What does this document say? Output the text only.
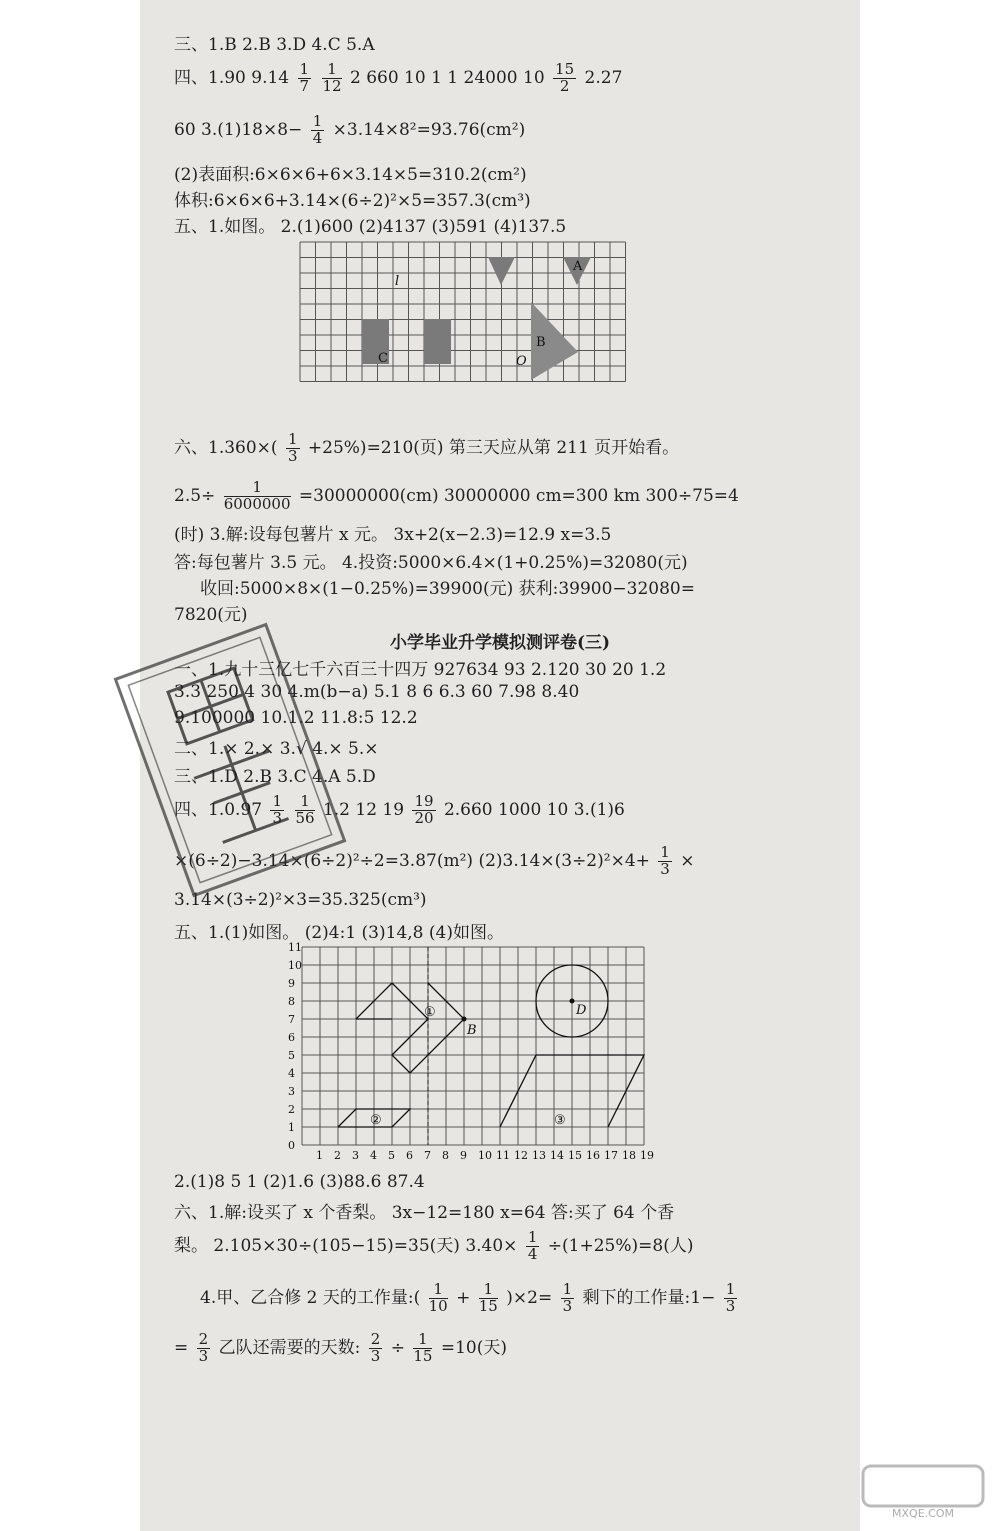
三、1.B 2.B 3.D 4.C 5.A
四、1.90 $9.14 \frac{1}{7}$
$\frac{1}{12} 2$ 660 10 1 1 24000 $10 \frac{15}{2} 2.27$
60 $3.(1)18\times 8- \frac{1}{4} \times 3.14\times 8^2=93.76(cm^2)$
(2)表面积:6×6×6+6×3.14×5=310.2(cm²)
体积:6×6×6+3.14×(6÷2)²×5=357.3(cm³)
五、1.如图。 2.(1)600 (2)4137 (3)591 (4)137.5
C
B
A
O
l
六、$1.360\times( \frac{1}{3} +25\%)=210$(页) 第三天应从第 211 页开始看。
$2.5\div \frac{1}{6000000} =30000000(cm)$ 30000000 cm=300 km 300÷75=4
(时) 3.解:设每包薯片 x 元。 3x+2(x−2.3)=12.9 x=3.5
答:每包薯片 3.5 元。 4.投资:5000×6.4×(1+0.25%)=32080(元)
收回:5000×8×(1−0.25%)=39900(元) 获利:39900−32080=
7820(元)
小学毕业升学模拟测评卷(三)
一、1.九十三亿七千六百三十四万 927634 93 2.120 30 20 1.2
3.3 250 4 30 4.m(b−a) 5.1 8 6 6.3 60 7.98 8.40
9.100000 10.1.2 11.8:5 12.2
二、1.× 2.× 3.√ 4.× 5.×
三、1.D 2.B 3.C 4.A 5.D
四、$1.0.97 \frac{1}{3}$
$\frac{1}{56} 1.2$ 12 $19 \frac{19}{20} 2.660$ 1000 10 3.(1)6
×(6÷2)−3.14×(6÷2)²÷2=3.87(m²) $(2)3.14\times(3\div 2)^2\times 4+ \frac{1}{3}$ ×
3.14×(3÷2)²×3=35.325(cm³)
五、1.(1)如图。 (2)4:1 (3)14,8 (4)如图。
1 2 3 4 5 6 7 8 9 10 11 12 13 14 15 16 17 18 19
0
1
2
3
4
5
6
7
8
9
10
11
①
②	③
B
D
2.(1)8 5 1 (2)1.6 (3)88.6 87.4
六、1.解:设买了 x 个香梨。 3x−12=180 x=64 答:买了 64 个香
梨。 2.105×30÷(105−15)=35(天) $3.40\times \frac{1}{4} \div(1+25\%)=8$(人)
4.甲、乙合修 2 天的工作量:( $\frac{1}{10} + \frac{1}{15} )\times 2= \frac{1}{3}$ 剩下的工作量:1− $\frac{1}{3}$
= $\frac{2}{3}$ 乙队还需要的天数: $\frac{2}{3} \div \frac{1}{15} =10$(天)
MXQE.COM
